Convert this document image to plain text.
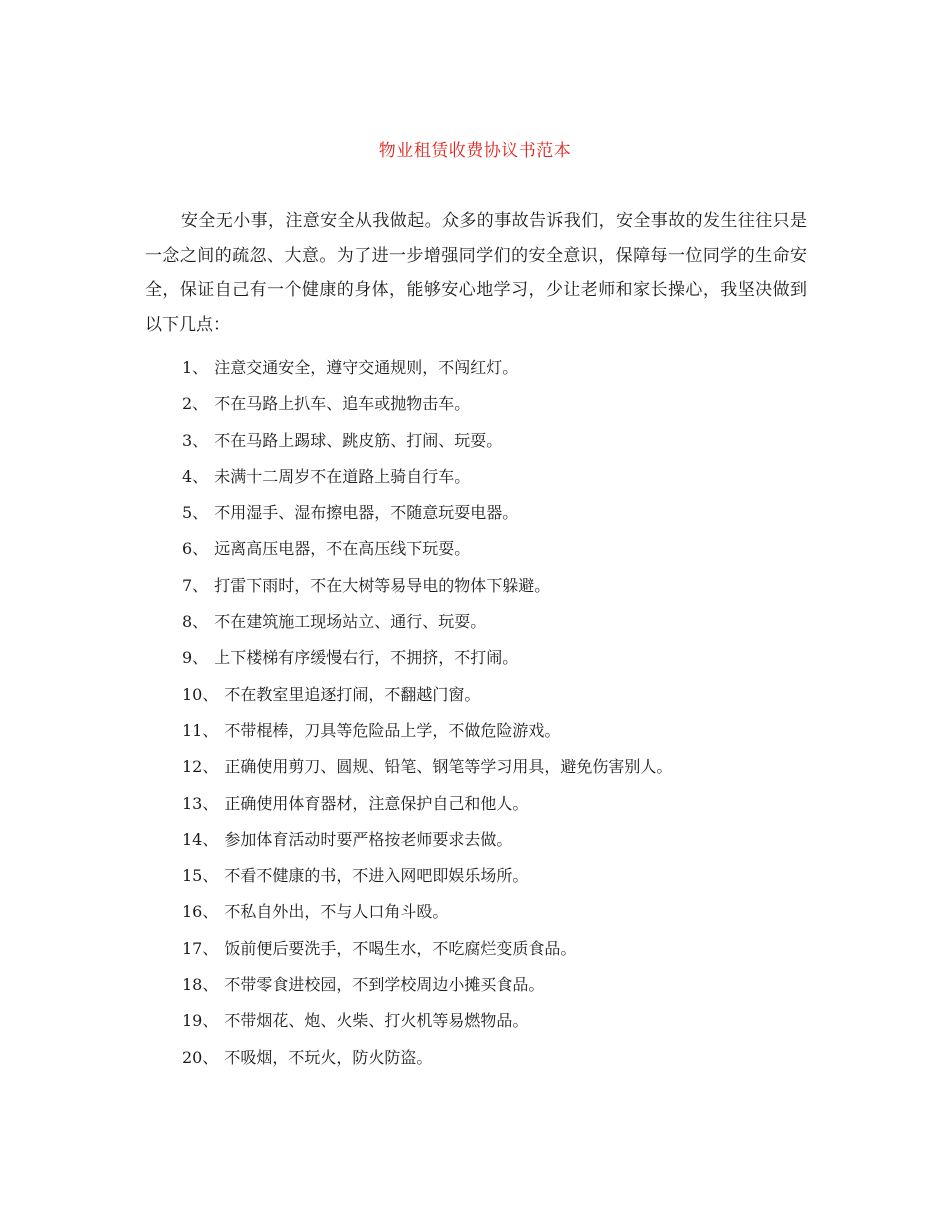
物业租赁收费协议书范本

安全无小事，注意安全从我做起。众多的事故告诉我们，安全事故的发生往往只是一念之间的疏忽、大意。为了进一步增强同学们的安全意识，保障每一位同学的生命安全，保证自己有一个健康的身体，能够安心地学习，少让老师和家长操心，我坚决做到以下几点：

1、 注意交通安全，遵守交通规则，不闯红灯。
2、 不在马路上扒车、追车或抛物击车。
3、 不在马路上踢球、跳皮筋、打闹、玩耍。
4、 未满十二周岁不在道路上骑自行车。
5、 不用湿手、湿布擦电器，不随意玩耍电器。
6、 远离高压电器，不在高压线下玩耍。
7、 打雷下雨时，不在大树等易导电的物体下躲避。
8、 不在建筑施工现场站立、通行、玩耍。
9、 上下楼梯有序缓慢右行，不拥挤，不打闹。
10、 不在教室里追逐打闹，不翻越门窗。
11、 不带棍棒，刀具等危险品上学，不做危险游戏。
12、 正确使用剪刀、圆规、铅笔、钢笔等学习用具，避免伤害别人。
13、 正确使用体育器材，注意保护自己和他人。
14、 参加体育活动时要严格按老师要求去做。
15、 不看不健康的书，不进入网吧即娱乐场所。
16、 不私自外出，不与人口角斗殴。
17、 饭前便后要洗手，不喝生水，不吃腐烂变质食品。
18、 不带零食进校园，不到学校周边小摊买食品。
19、 不带烟花、炮、火柴、打火机等易燃物品。
20、 不吸烟，不玩火，防火防盗。
